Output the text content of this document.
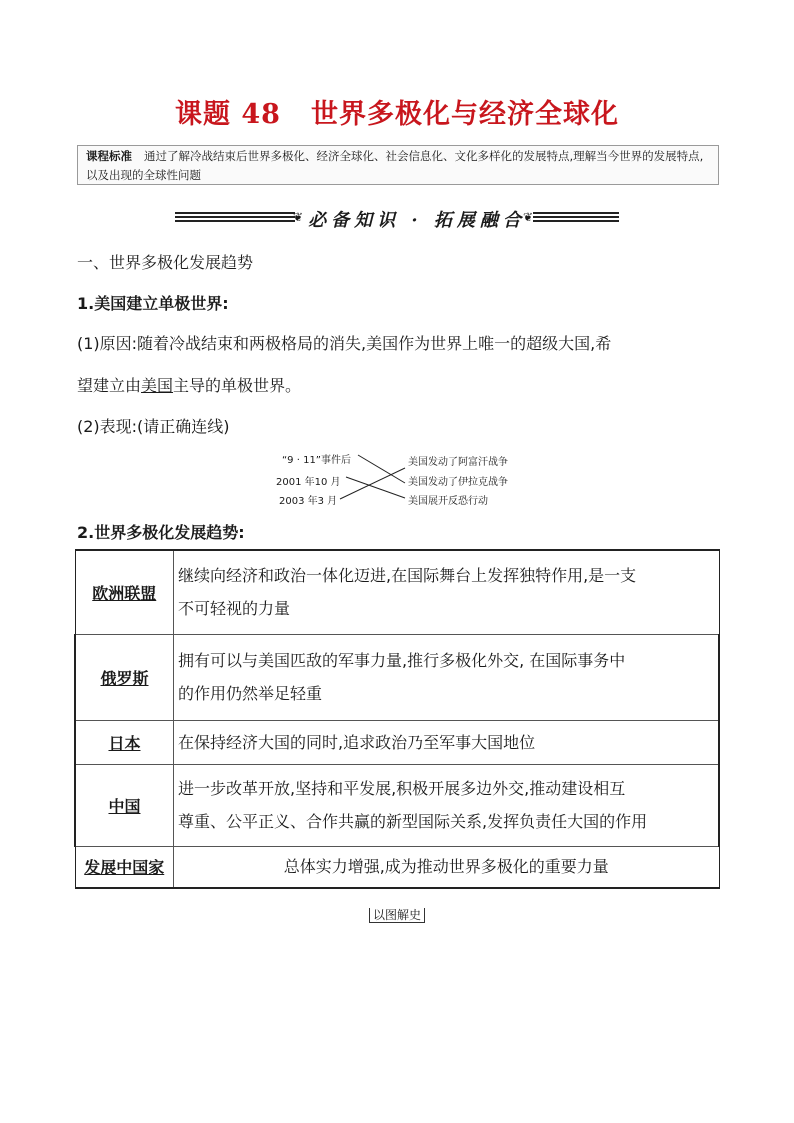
课题 48 世界多极化与经济全球化
课程标准 通过了解冷战结束后世界多极化、经济全球化、社会信息化、文化多样化的发展特点,理解当今世界的发展特点,以及出现的全球性问题
❦ 必备知识 · 拓展融合
❦
一、世界多极化发展趋势
1.美国建立单极世界:
(1)原因:随着冷战结束和两极格局的消失,美国作为世界上唯一的超级大国,希
望建立由美国主导的单极世界。
(2)表现:(请正确连线)
“9 · 11”事件后
2001 年10 月
2003 年3 月
美国发动了阿富汗战争
美国发动了伊拉克战争
美国展开反恐行动
2.世界多极化发展趋势:
欧洲联盟	继续向经济和政治一体化迈进,在国际舞台上发挥独特作用,是一支
不可轻视的力量

俄罗斯	拥有可以与美国匹敌的军事力量,推行多极化外交, 在国际事务中
的作用仍然举足轻重

日本	在保持经济大国的同时,追求政治乃至军事大国地位
中国	进一步改革开放,坚持和平发展,积极开展多边外交,推动建设相互
尊重、公平正义、合作共赢的新型国际关系,发挥负责任大国的作用

发展中国家	总体实力增强,成为推动世界多极化的重要力量
以图解史
